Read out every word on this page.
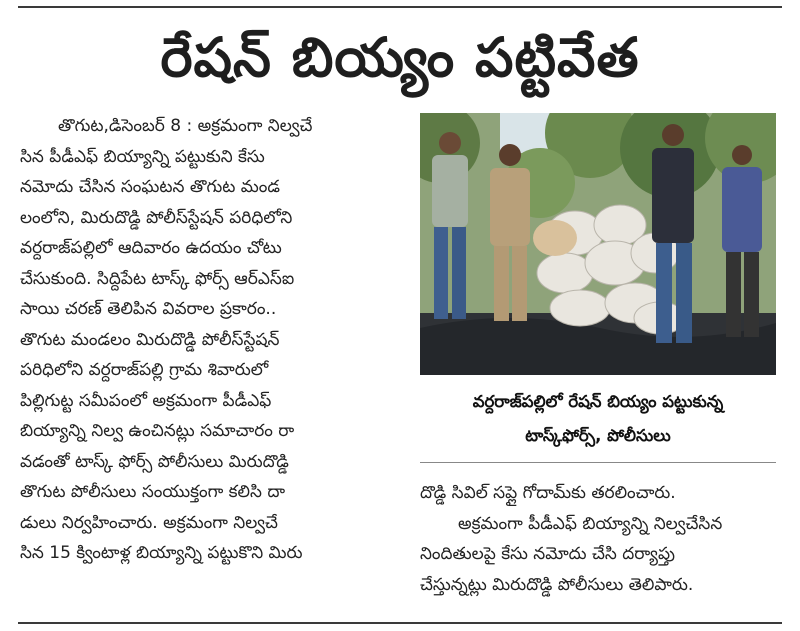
రేషన్ బియ్యం పట్టివేత
తొగుట,డిసెంబర్ 8 : అక్రమంగా నిల్వచే
సిన పీడీఎఫ్ బియ్యాన్ని పట్టుకుని కేసు
నమోదు చేసిన సంఘటన తొగుట మండ
లంలోని, మిరుదొడ్డి పోలీస్‌స్టేషన్ పరిధిలోని
వర్దరాజ్‌పల్లిలో ఆదివారం ఉదయం చోటు
చేసుకుంది. సిద్దిపేట టాస్క్ ఫోర్స్ ఆర్ఎస్ఐ
సాయి చరణ్ తెలిపిన వివరాల ప్రకారం..
తొగుట మండలం మిరుదొడ్డి పోలీస్‌స్టేషన్
పరిధిలోని వర్దరాజ్‌పల్లి గ్రామ శివారులో
పిల్లిగుట్ట సమీపంలో అక్రమంగా పీడీఎఫ్
బియ్యాన్ని నిల్వ ఉంచినట్లు సమాచారం రా
వడంతో టాస్క్ ఫోర్స్ పోలీసులు మిరుదొడ్డి
తొగుట పోలీసులు సంయుక్తంగా కలిసి దా
డులు నిర్వహించారు. అక్రమంగా నిల్వచే
సిన 15 క్వింటాళ్ల బియ్యాన్ని పట్టుకొని మిరు
వర్దరాజ్‌పల్లిలో రేషన్ బియ్యం పట్టుకున్న
టాస్క్‌ఫోర్స్, పోలీసులు
దొడ్డి సివిల్ సప్లై గోదామ్‌కు తరలించారు.
అక్రమంగా పీడీఎఫ్ బియ్యాన్ని నిల్వచేసిన
నిందితులపై కేసు నమోదు చేసి దర్యాప్తు
చేస్తున్నట్లు మిరుదొడ్డి పోలీసులు తెలిపారు.
